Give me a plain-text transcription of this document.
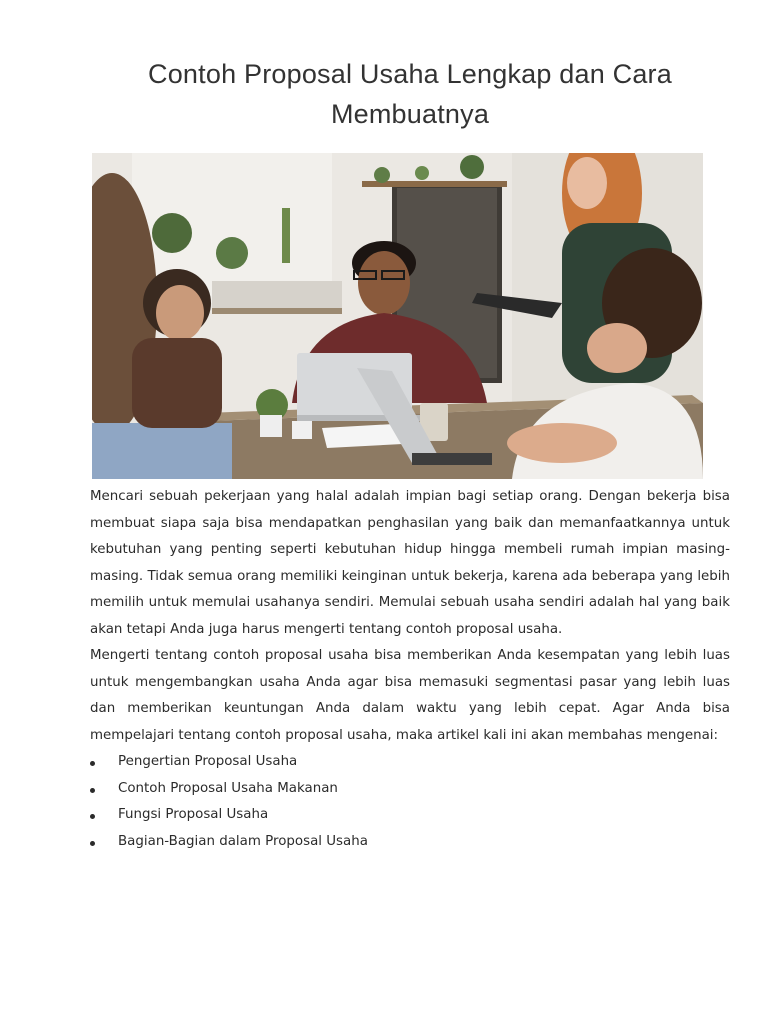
Contoh Proposal Usaha Lengkap dan Cara Membuatnya

Mencari sebuah pekerjaan yang halal adalah impian bagi setiap orang. Dengan bekerja bisa membuat siapa saja bisa mendapatkan penghasilan yang baik dan memanfaatkannya untuk kebutuhan yang penting seperti kebutuhan hidup hingga membeli rumah impian masing-masing. Tidak semua orang memiliki keinginan untuk bekerja, karena ada beberapa yang lebih memilih untuk memulai usahanya sendiri. Memulai sebuah usaha sendiri adalah hal yang baik akan tetapi Anda juga harus mengerti tentang contoh proposal usaha.

Mengerti tentang contoh proposal usaha bisa memberikan Anda kesempatan yang lebih luas untuk mengembangkan usaha Anda agar bisa memasuki segmentasi pasar yang lebih luas dan memberikan keuntungan Anda dalam waktu yang lebih cepat. Agar Anda bisa mempelajari tentang contoh proposal usaha, maka artikel kali ini akan membahas mengenai:

Pengertian Proposal Usaha
Contoh Proposal Usaha Makanan
Fungsi Proposal Usaha
Bagian-Bagian dalam Proposal Usaha
